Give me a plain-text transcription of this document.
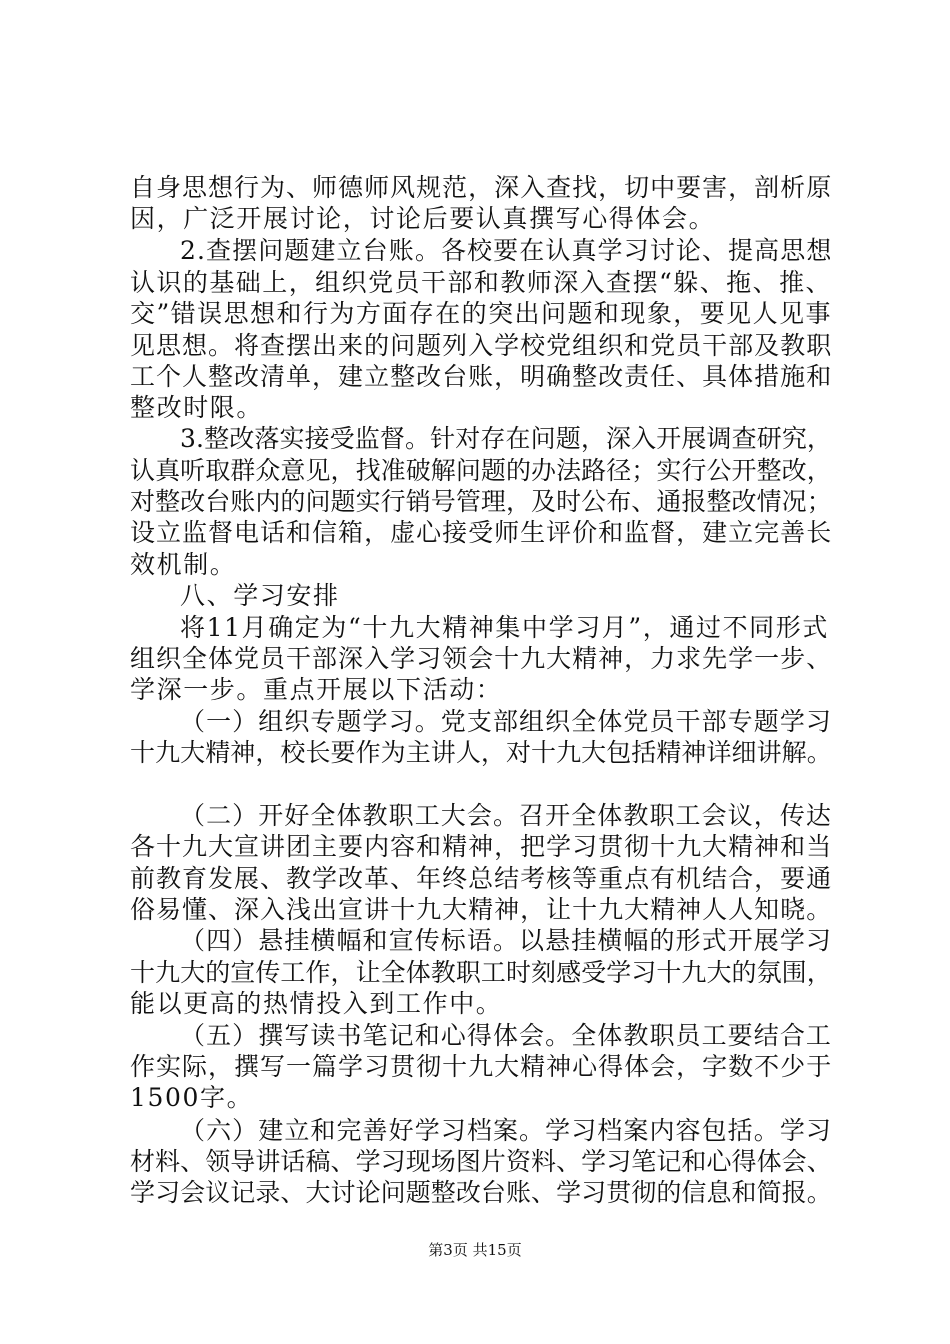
自身思想行为、师德师风规范，深入查找，切中要害，剖析原
因，广泛开展讨论，讨论后要认真撰写心得体会。
2.查摆问题建立台账。各校要在认真学习讨论、提高思想
认识的基础上，组织党员干部和教师深入查摆“躲、拖、推、
交”错误思想和行为方面存在的突出问题和现象，要见人见事
见思想。将查摆出来的问题列入学校党组织和党员干部及教职
工个人整改清单，建立整改台账，明确整改责任、具体措施和
整改时限。
3.整改落实接受监督。针对存在问题，深入开展调查研究，
认真听取群众意见，找准破解问题的办法路径；实行公开整改，
对整改台账内的问题实行销号管理，及时公布、通报整改情况；
设立监督电话和信箱，虚心接受师生评价和监督，建立完善长
效机制。
八、学习安排
将11月确定为“十九大精神集中学习月”，通过不同形式
组织全体党员干部深入学习领会十九大精神，力求先学一步、
学深一步。重点开展以下活动：
（一）组织专题学习。党支部组织全体党员干部专题学习
十九大精神，校长要作为主讲人，对十九大包括精神详细讲解。
（二）开好全体教职工大会。召开全体教职工会议，传达
各十九大宣讲团主要内容和精神，把学习贯彻十九大精神和当
前教育发展、教学改革、年终总结考核等重点有机结合，要通
俗易懂、深入浅出宣讲十九大精神，让十九大精神人人知晓。
（四）悬挂横幅和宣传标语。以悬挂横幅的形式开展学习
十九大的宣传工作，让全体教职工时刻感受学习十九大的氛围，
能以更高的热情投入到工作中。
（五）撰写读书笔记和心得体会。全体教职员工要结合工
作实际，撰写一篇学习贯彻十九大精神心得体会，字数不少于
1500字。
（六）建立和完善好学习档案。学习档案内容包括。学习
材料、领导讲话稿、学习现场图片资料、学习笔记和心得体会、
学习会议记录、大讨论问题整改台账、学习贯彻的信息和简报。
第3页 共15页
